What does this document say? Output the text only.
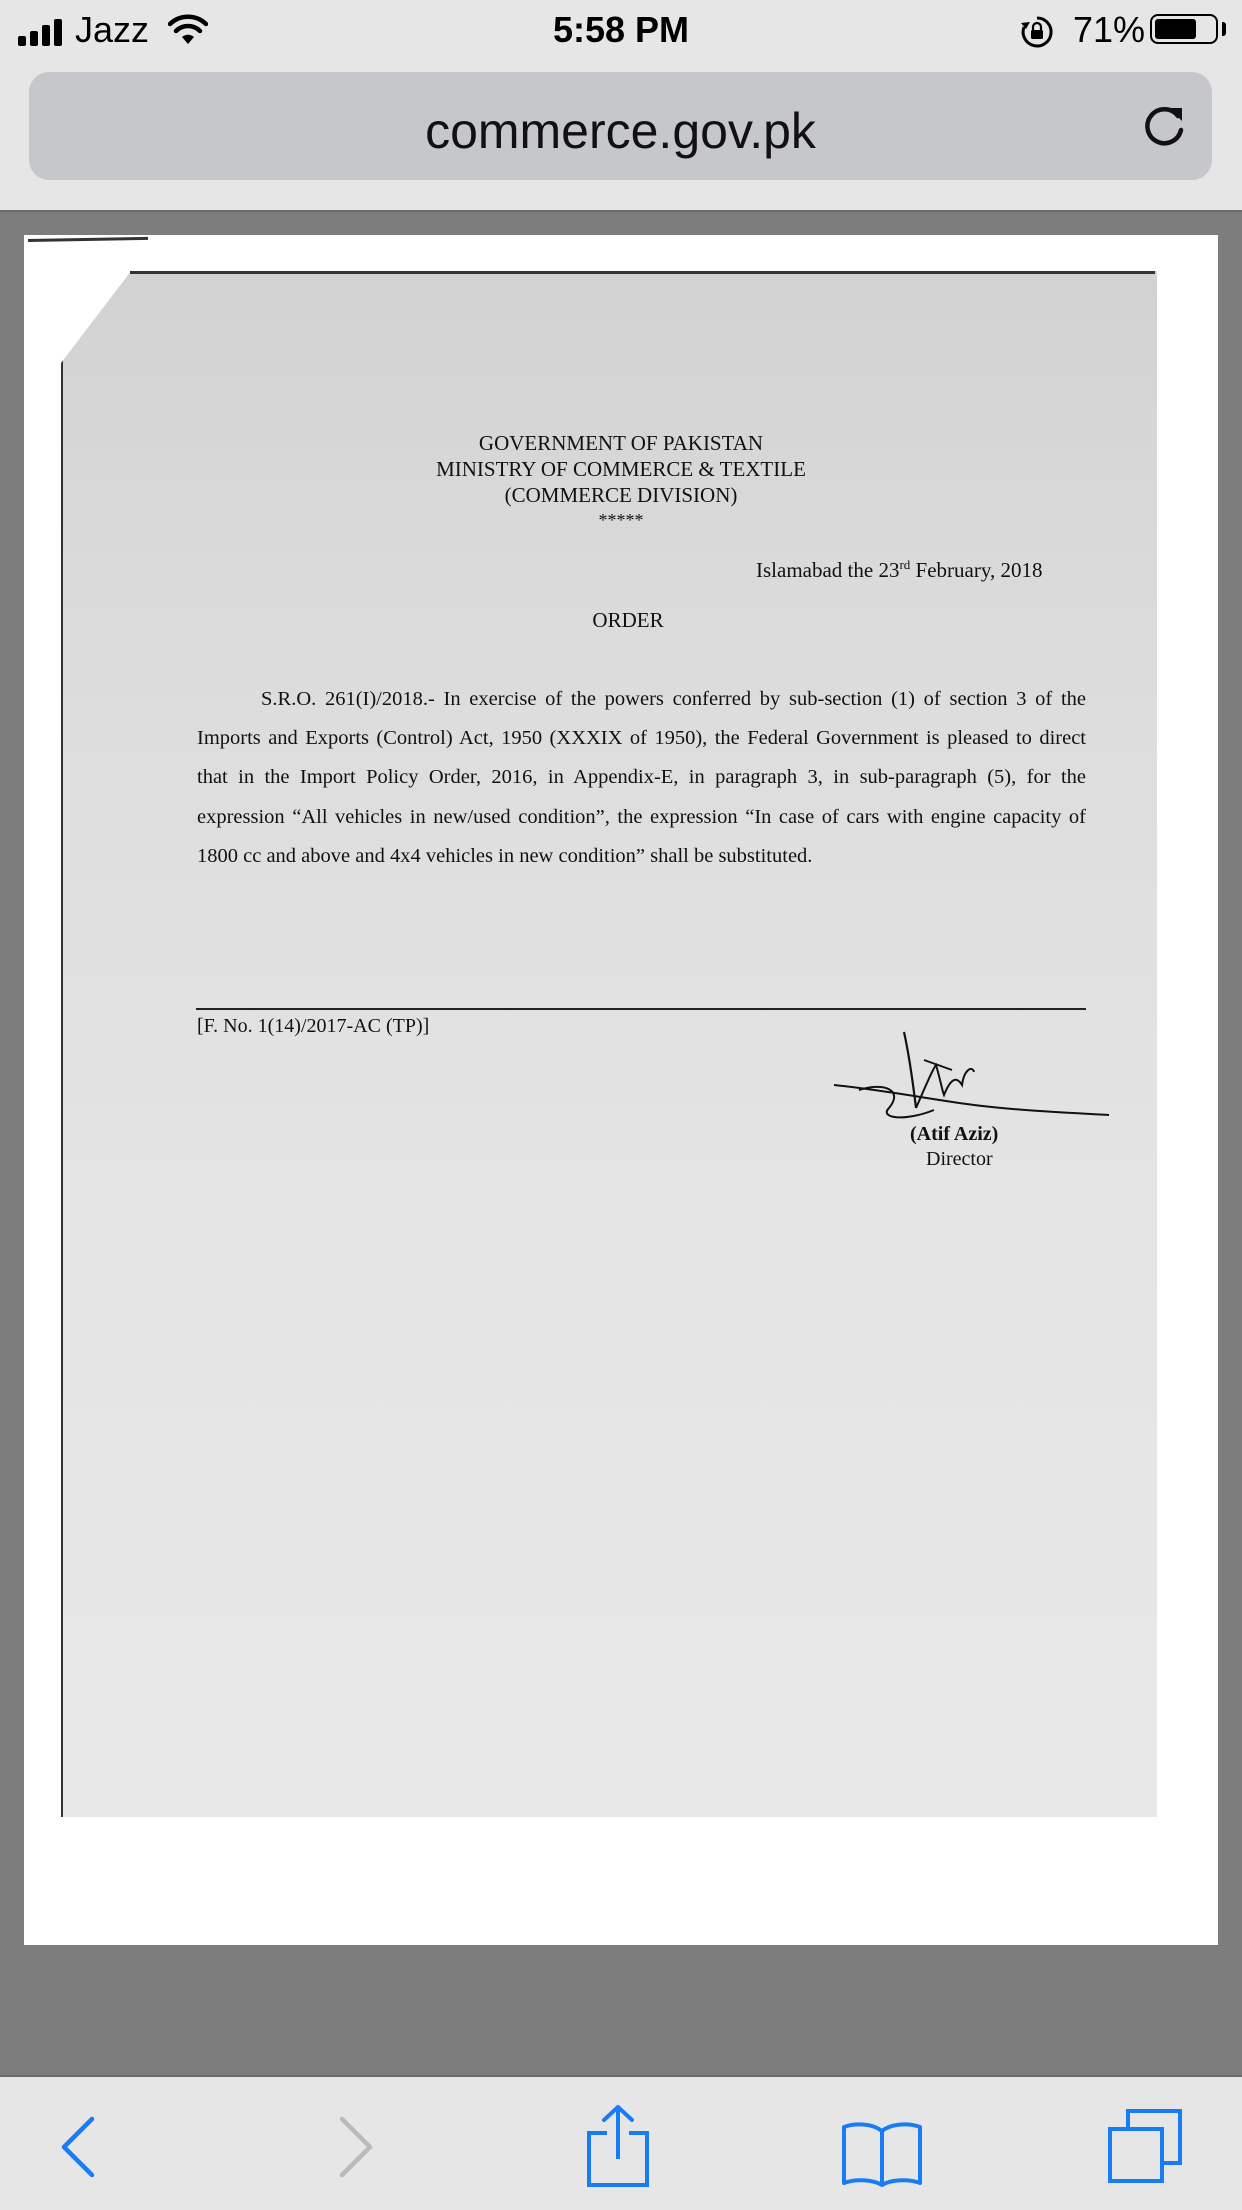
Jazz	5:58 PM	71%
commerce.gov.pk
GOVERNMENT OF PAKISTAN
MINISTRY OF COMMERCE & TEXTILE
(COMMERCE DIVISION)
*****
Islamabad the 23rd February, 2018
ORDER
S.R.O. 261(I)/2018.- In exercise of the powers conferred by sub-section (1) of section 3 of the Imports and Exports (Control) Act, 1950 (XXXIX of 1950), the Federal Government is pleased to direct that in the Import Policy Order, 2016, in Appendix-E, in paragraph 3, in sub-paragraph (5), for the expression “All vehicles in new/used condition”, the expression “In case of cars with engine capacity of 1800 cc and above and 4x4 vehicles in new condition” shall be substituted.
[F. No. 1(14)/2017-AC (TP)]
(Atif Aziz)
Director
